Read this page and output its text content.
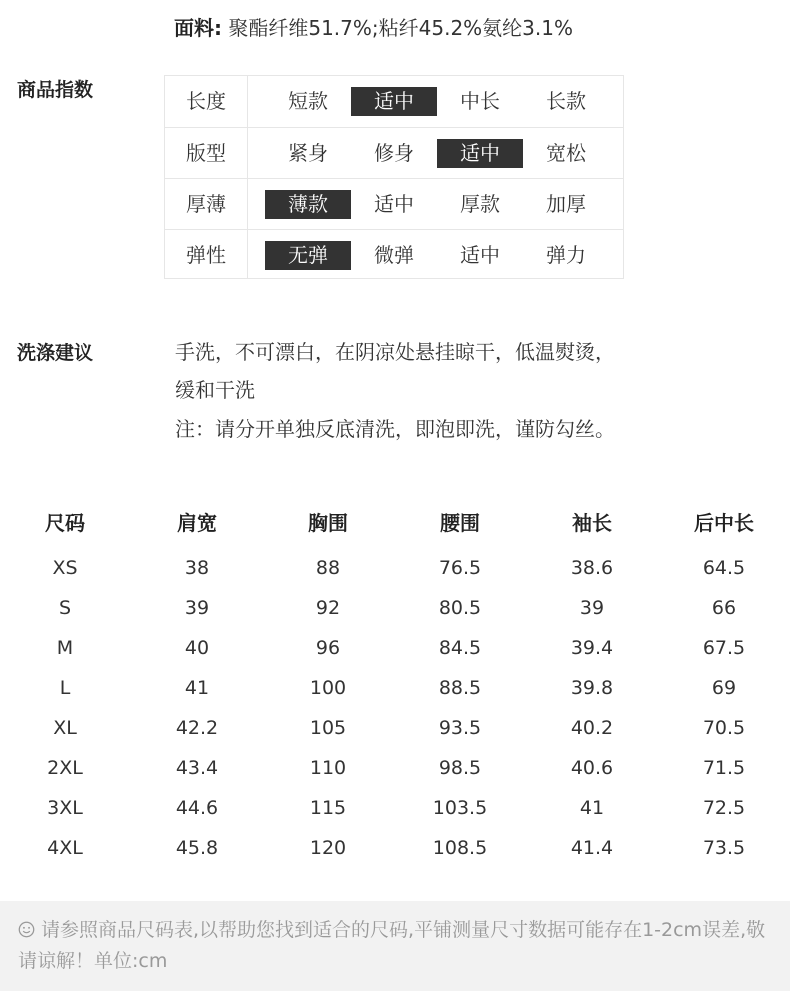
面料: 聚酯纤维51.7%;粘纤45.2%氨纶3.1%
商品指数	长度	短款	适中	中长	长款
版型	紧身	修身	适中	宽松
厚薄	薄款	适中	厚款	加厚
弹性	无弹	微弹	适中	弹力
洗涤建议	手洗，不可漂白，在阴凉处悬挂晾干，低温熨烫，
缓和干洗
注：请分开单独反底清洗，即泡即洗，谨防勾丝。
尺码	肩宽	胸围	腰围	袖长	后中长
XS	38	88	76.5	38.6	64.5
S	39	92	80.5	39	66
M	40	96	84.5	39.4	67.5
L	41	100	88.5	39.8	69
XL	42.2	105	93.5	40.2	70.5
2XL	43.4	110	98.5	40.6	71.5
3XL	44.6	115	103.5	41	72.5
4XL	45.8	120	108.5	41.4	73.5
请参照商品尺码表,以帮助您找到适合的尺码,平铺测量尺寸数据可能存在1-2cm误差,敬请谅解！单位:cm
